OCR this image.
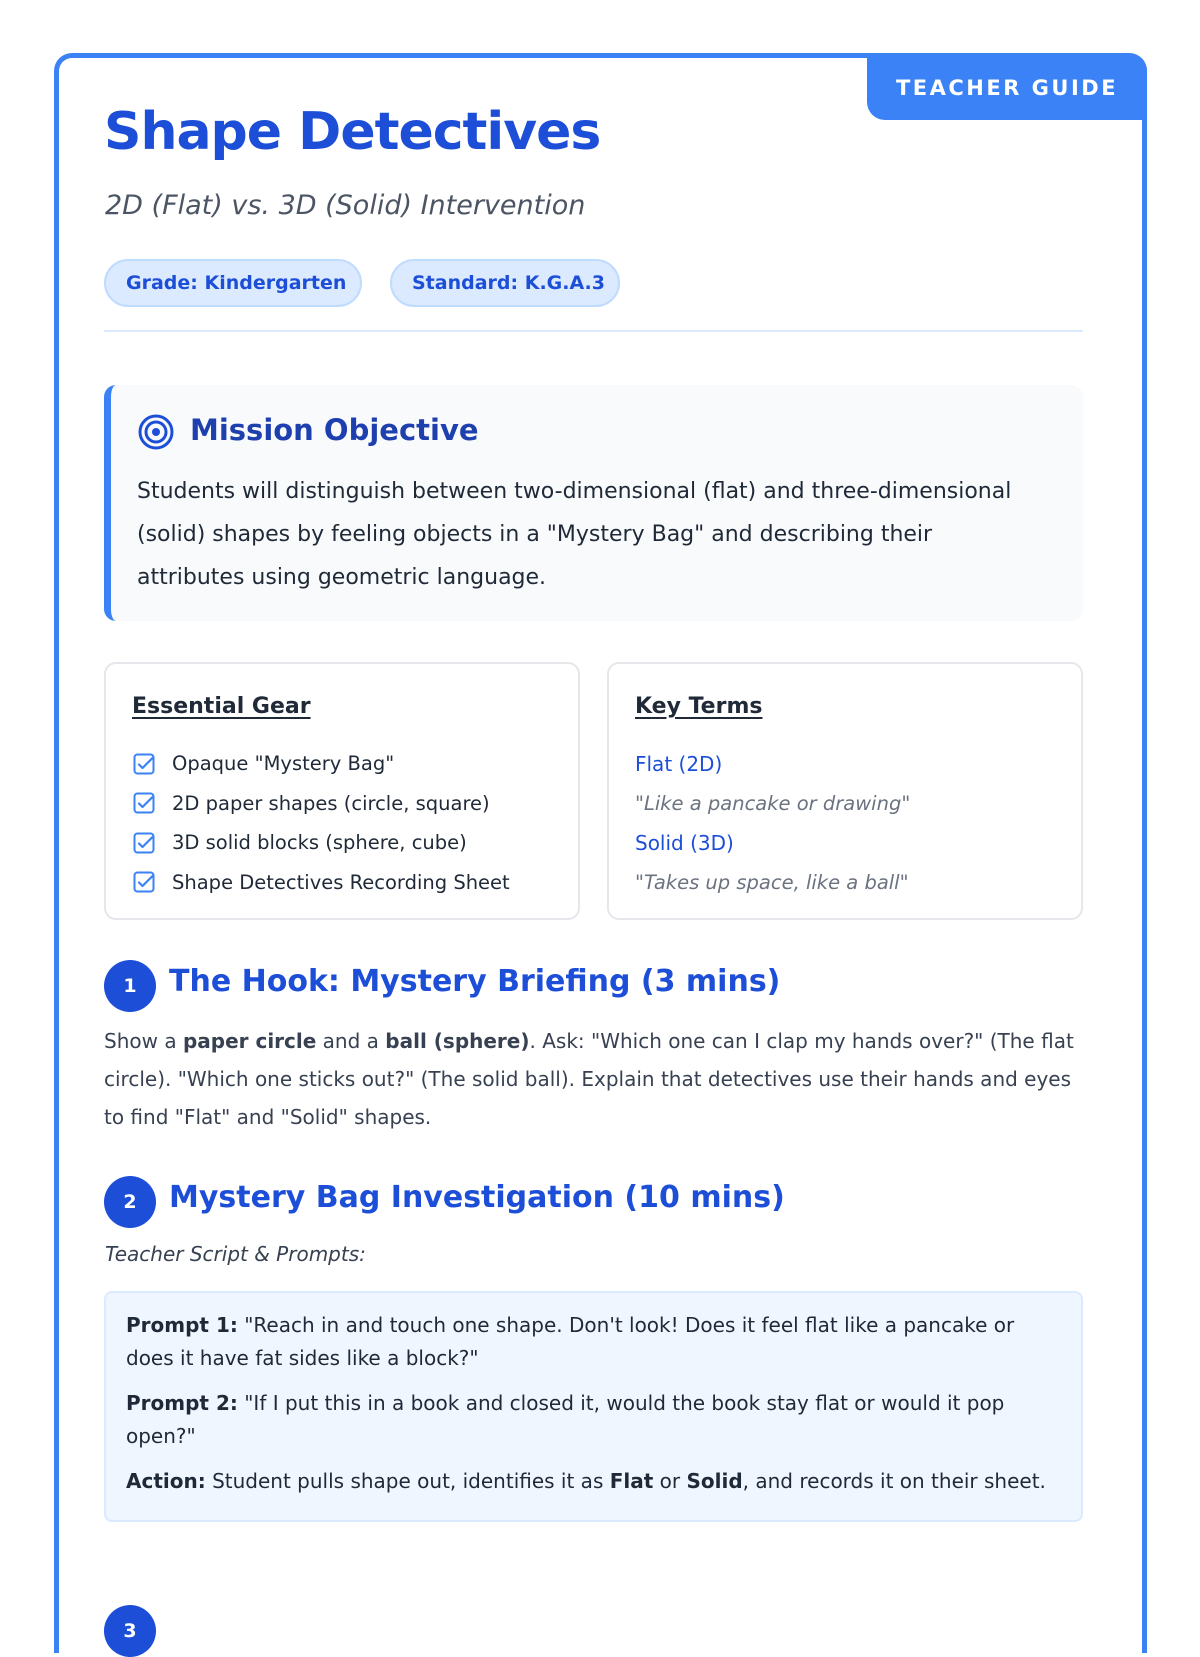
TEACHER GUIDE
Shape Detectives
2D (Flat) vs. 3D (Solid) Intervention
Grade: Kindergarten	Standard: K.G.A.3
Mission Objective

Students will distinguish between two-dimensional (flat) and three-dimensional (solid) shapes by feeling objects in a "Mystery Bag" and describing their attributes using geometric language.

Essential Gear
Opaque "Mystery Bag"
2D paper shapes (circle, square)
3D solid blocks (sphere, cube)
Shape Detectives Recording Sheet
Key Terms
Flat (2D)
"Like a pancake or drawing"
Solid (3D)
"Takes up space, like a ball"
1	The Hook: Mystery Briefing (3 mins)

Show a paper circle and a ball (sphere). Ask: "Which one can I clap my hands over?" (The flat circle). "Which one sticks out?" (The solid ball). Explain that detectives use their hands and eyes to find "Flat" and "Solid" shapes.

2	Mystery Bag Investigation (10 mins)
Teacher Script & Prompts:

Prompt 1: "Reach in and touch one shape. Don't look! Does it feel flat like a pancake or does it have fat sides like a block?"

Prompt 2: "If I put this in a book and closed it, would the book stay flat or would it pop open?"

Action: Student pulls shape out, identifies it as Flat or Solid, and records it on their sheet.

3
